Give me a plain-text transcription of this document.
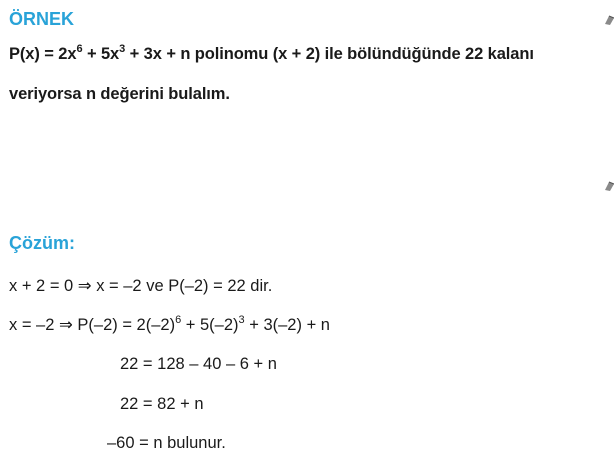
ÖRNEK
$P(x) = 2x^6 + 5x^3 + 3x + n$ polinomu (x + 2) ile bölündüğünde 22 kalanı
veriyorsa n değerini bulalım.
Çözüm:
x + 2 = 0 ⇒ x = –2 ve P(–2) = 22 dir.
x = –2 ⇒ $P(-2) = 2(-2)^6 + 5(-2)^3 + 3(-2) + n$
22 = 128 – 40 – 6 + n
22 = 82 + n
–60 = n bulunur.
